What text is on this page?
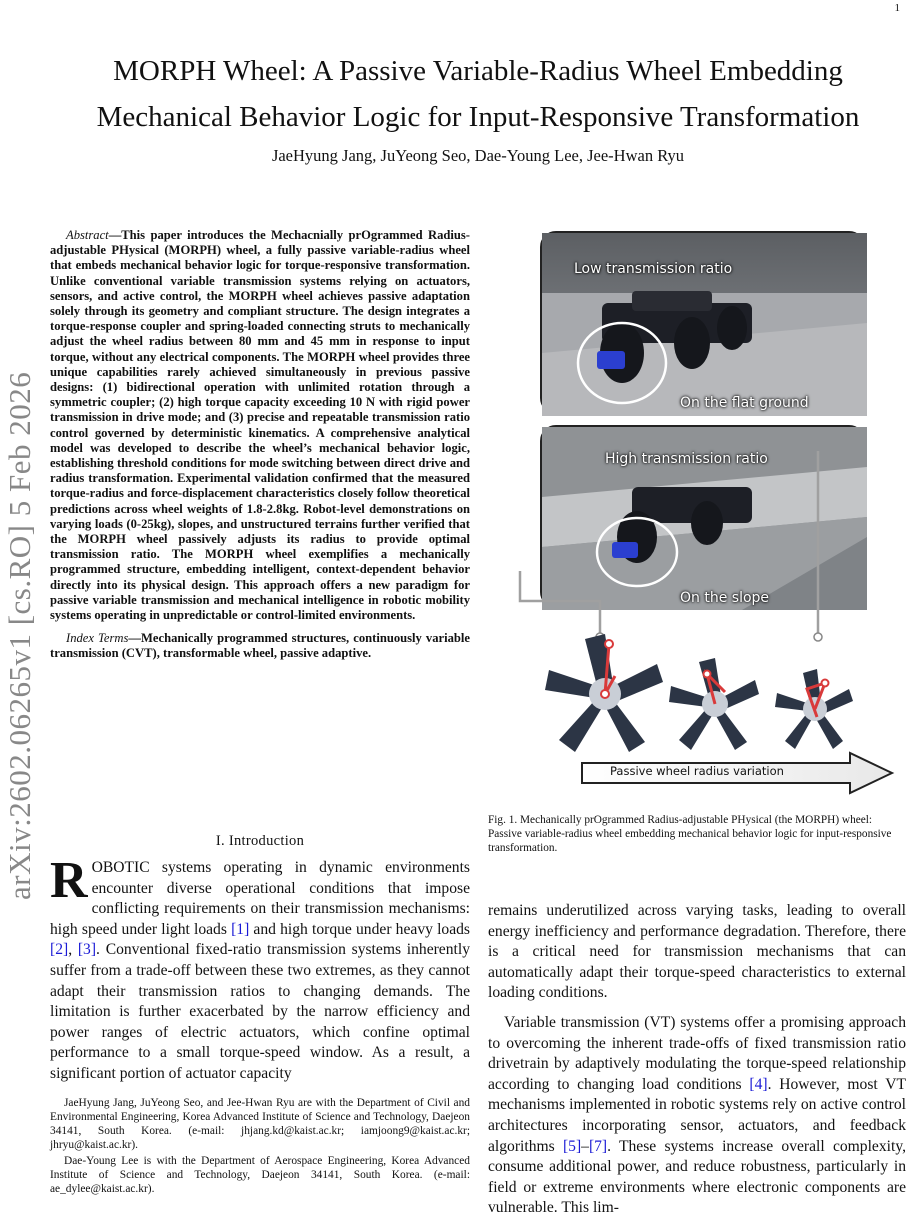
1
arXiv:2602.06265v1 [cs.RO] 5 Feb 2026
MORPH Wheel: A Passive Variable-Radius Wheel Embedding
Mechanical Behavior Logic for Input-Responsive Transformation
JaeHyung Jang, JuYeong Seo, Dae-Young Lee, Jee-Hwan Ryu

Abstract—This paper introduces the Mechacnially prOgrammed Radius-adjustable PHysical (MORPH) wheel, a fully passive variable-radius wheel that embeds mechanical behavior logic for torque-responsive transformation. Unlike conventional variable transmission systems relying on actuators, sensors, and active control, the MORPH wheel achieves passive adaptation solely through its geometry and compliant structure. The design integrates a torque-response coupler and spring-loaded connecting struts to mechanically adjust the wheel radius between 80 mm and 45 mm in response to input torque, without any electrical components. The MORPH wheel provides three unique capabilities rarely achieved simultaneously in previous passive designs: (1) bidirectional operation with unlimited rotation through a symmetric coupler; (2) high torque capacity exceeding 10 N with rigid power transmission in drive mode; and (3) precise and repeatable transmission ratio control governed by deterministic kinematics. A comprehensive analytical model was developed to describe the wheel’s mechanical behavior logic, establishing threshold conditions for mode switching between direct drive and radius transformation. Experimental validation confirmed that the measured torque-radius and force-displacement characteristics closely follow theoretical predictions across wheel weights of 1.8-2.8kg. Robot-level demonstrations on varying loads (0-25kg), slopes, and unstructured terrains further verified that the MORPH wheel passively adjusts its radius to provide optimal transmission ratio. The MORPH wheel exemplifies a mechanically programmed structure, embedding intelligent, context-dependent behavior directly into its physical design. This approach offers a new paradigm for passive variable transmission and mechanical intelligence in robotic mobility systems operating in unpredictable or control-limited environments.

Index Terms—Mechanically programmed structures, continuously variable transmission (CVT), transformable wheel, passive adaptive.

I. Introduction
ROBOTIC systems operating in dynamic environments encounter diverse operational conditions that impose conflicting requirements on their transmission mechanisms: high speed under light loads [1] and high torque under heavy loads [2], [3]. Conventional fixed-ratio transmission systems inherently suffer from a trade-off between these two extremes, as they cannot adapt their transmission ratios to changing demands. The limitation is further exacerbated by the narrow efficiency and power ranges of electric actuators, which confine optimal performance to a small torque-speed window. As a result, a significant portion of actuator capacity

JaeHyung Jang, JuYeong Seo, and Jee-Hwan Ryu are with the Department of Civil and Environmental Engineering, Korea Advanced Institute of Science and Technology, Daejeon 34141, South Korea. (e-mail: jhjang.kd@kaist.ac.kr; iamjoong9@kaist.ac.kr; jhryu@kaist.ac.kr).

Dae-Young Lee is with the Department of Aerospace Engineering, Korea Advanced Institute of Science and Technology, Daejeon 34141, South Korea. (e-mail: ae_dylee@kaist.ac.kr).

Low transmission ratio
On the flat ground
High transmission ratio
On the slope
Passive wheel radius variation
Fig. 1. Mechanically prOgrammed Radius-adjustable PHysical (the MORPH) wheel: Passive variable-radius wheel embedding mechanical behavior logic for input-responsive transformation.

remains underutilized across varying tasks, leading to overall energy inefficiency and performance degradation. Therefore, there is a critical need for transmission mechanisms that can automatically adapt their torque-speed characteristics to external loading conditions.

Variable transmission (VT) systems offer a promising approach to overcoming the inherent trade-offs of fixed transmission ratio drivetrain by adaptively modulating the torque-speed relationship according to changing load conditions [4]. However, most VT mechanisms implemented in robotic systems rely on active control architectures incorporating sensor, actuators, and feedback algorithms [5]–[7]. These systems increase overall complexity, consume additional power, and reduce robustness, particularly in field or extreme environments where electronic components are vulnerable. This lim-
